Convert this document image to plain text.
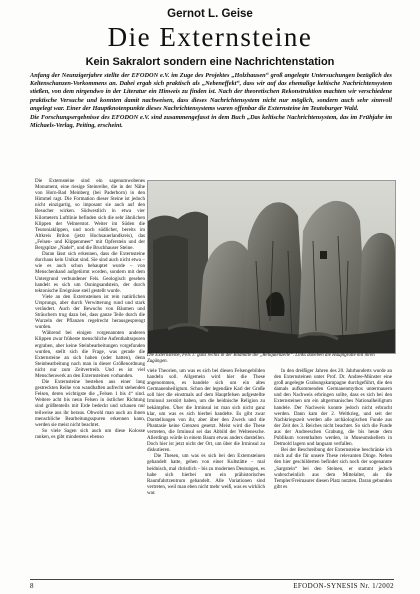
Gernot L. Geise
Die Externsteine
Kein Sakralort sondern eine Nachrichtenstation

Anfang der Neunzigerjahre stellte der EFODON e.V. im Zuge des Projektes „Holzhausen“ groß angelegte Untersuchungen bezüglich des Keltenschanzen-Vorkommens an. Dabei ergab sich praktisch als „Nebeneffekt“, dass wir auf das ehemalige keltische Nachrichtensystem stießen, von dem nirgendwo in der Literatur ein Hinweis zu finden ist. Nach der theoretischen Rekonstruktion machten wir verschiedene praktische Versuche und konnten damit nachweisen, dass dieses Nachrichtensystem nicht nur möglich, sondern auch sehr sinnvoll angelegt war. Einer der Hauptknotenpunkte dieses Nachrichtensystems waren offenbar die Externsteine im Teutoburger Wald.

Die Forschungsergebnisse des EFODON e.V. sind zusammengefasst in dem Buch „Das keltische Nachrichtensystem, das im Frühjahr im Michaels-Verlag, Peiting, erscheint.

Die Externsteine sind ein sagenumwobenes Monument, eine riesige Steinreihe, die in der Nähe von Horn-Bad Meinberg (bei Paderborn) in den Himmel ragt. Die Formation dieser Steine ist jedoch nicht einzigartig, so imposant sie auch auf den Besucher wirken. Südwestlich in etwa vier Kilometern Luftlinie befinden sich die sehr ähnlichen Klippen der Velmerstot. Weiter im Süden die Teutoniaklippen, und noch südlicher, bereits im Altkreis Brilon (jetzt Hochsauerlandkreis), das „Felsen- und Klippenmeer“ mit Opferstein und der Bergspitze „Nadel“, und die Bruchhauser Steine.

Daran lässt sich erkennen, dass die Externsteine durchaus kein Unikat sind. Sie sind auch nicht etwa – wie es auch schon behauptet wurde – von Menschenhand aufgetürmt worden, sondern mit dem Untergrund verbundener Fels. Geologisch gesehen handelt es sich um Osningsandstein, der durch tektonische Ereignisse steil gestellt wurde.

Viele an den Externsteinen ist rein natürlichen Ursprungs, aber durch Verwitterung rund und stark verändert. Auch der Bewuchs von Bäumen und Sträuchern trug dazu bei, dass ganze Teile durch die Wurzeln der Pflanzen regelrecht herausgesprengt wurden.

Während bei einigen vorgenannten anderen Klippen zwar früheste menschliche Aufenthaltsspuren ergraben, aber keine Steinbearbeitungen vorgefunden wurden, stellt sich die Frage, was gerade die Externsteine an sich haben (oder hatten), denn Steinbearbeitung nach man in dieser Größenordnung nicht nur zum Zeitvertreib. Und es ist viel Menschenwerk an den Externsteinen vorhanden.

Die Externsteine bestehen aus einer lang gestreckten Reihe von wandhaften aufrecht stehenden Felsen, deren wichtigste die „Felsen 1 bis 4“ sind. Weitere acht bis neun Felsen in östlicher Richtung sind größtenteils mit Erde bedeckt und schauen nur teilweise aus ihr heraus. Obwohl man auch an ihnen menschliche Bearbeitungsspuren erkennen kann, werden sie meist nicht beachtet.

So viele Sagen sich auch um diese Kolosse ranken, es gibt mindestens ebenso

Die Externsteine, Fels 1: ganz rechts in der Bildmitte die „Reliquienzelle“. Links daneben die Hauptgrotte mit ihren Zugängen.

viele Theorien, um was es sich bei diesen Felsengebilden handeln soll. Allgemein wird hier die These angenommen, es handele sich um ein altes Germanenheiligtum. Schon der legendäre Karl der Große soll hier die einstmals auf dem Hauptfelsen aufgestellte Irminsul zerstört haben, um die heidnische Religion zu bekämpfen. Über die Irminsul ist man sich nicht ganz klar, um was es sich hierbei handelte. Es gibt zwar Darstellungen von ihr, aber über den Zweck und die Phantasie keine Grenzen gesetzt. Meist wird die These vertreten, die Irminsul sei das Abbild der Weltenesche. Allerdings würde in einem Baum etwas anders darstellen. Doch hier ist jetzt nicht der Ort, um über die Irminsul zu diskutieren.

Die Thesen, um was es sich bei den Externsteinen gehandelt hatte, gehen von einer Kultstätte – mal heidnisch, mal christlich – bis zu modernen Deutungen, es habe sich hierbei um ein prähistorisches Raumfahrtzentrum gehandelt. Alle Variationen sind vertreten, weil man eben nicht mehr weiß, was es wirklich war.

In den dreißiger Jahren des 20. Jahrhunderts wurde an den Externsteinen unter Prof. Dr. Andree-Münster eine groß angelegte Grabungskampagne durchgeführt, die den damals aufkommenden Germanenmythos untermauern und den Nachweis erbringen sollte, dass es sich bei den Externsteinen um ein altgermanisches Nationalheiligtum handele. Der Nachweis konnte jedoch nicht erbracht werden. Dann kam der 2. Weltkrieg, und seit der Nachkriegszeit werden alle archäologischen Funde aus der Zeit des 3. Reiches nicht beachtet. So sich die Funde aus der Andreeschen Grabung, die bis heute dem Publikum vorenthalten werden, in Museumskellern in Detmold lagern und langsam verfallen.

Bei der Beschreibung der Externsteine beschränke ich mich auf die für unsere These relevanten Dinge. Neben den hier geschilderten befindet sich noch der sogenannte „Sargstein“ bei den Steinen, er stammt jedoch wahrscheinlich aus dem Mittelalter, als die Templer/Freimaurer diesen Platz nutzten. Daran gebunden gibt es

8	EFODON-SYNESIS Nr. 1/2002
